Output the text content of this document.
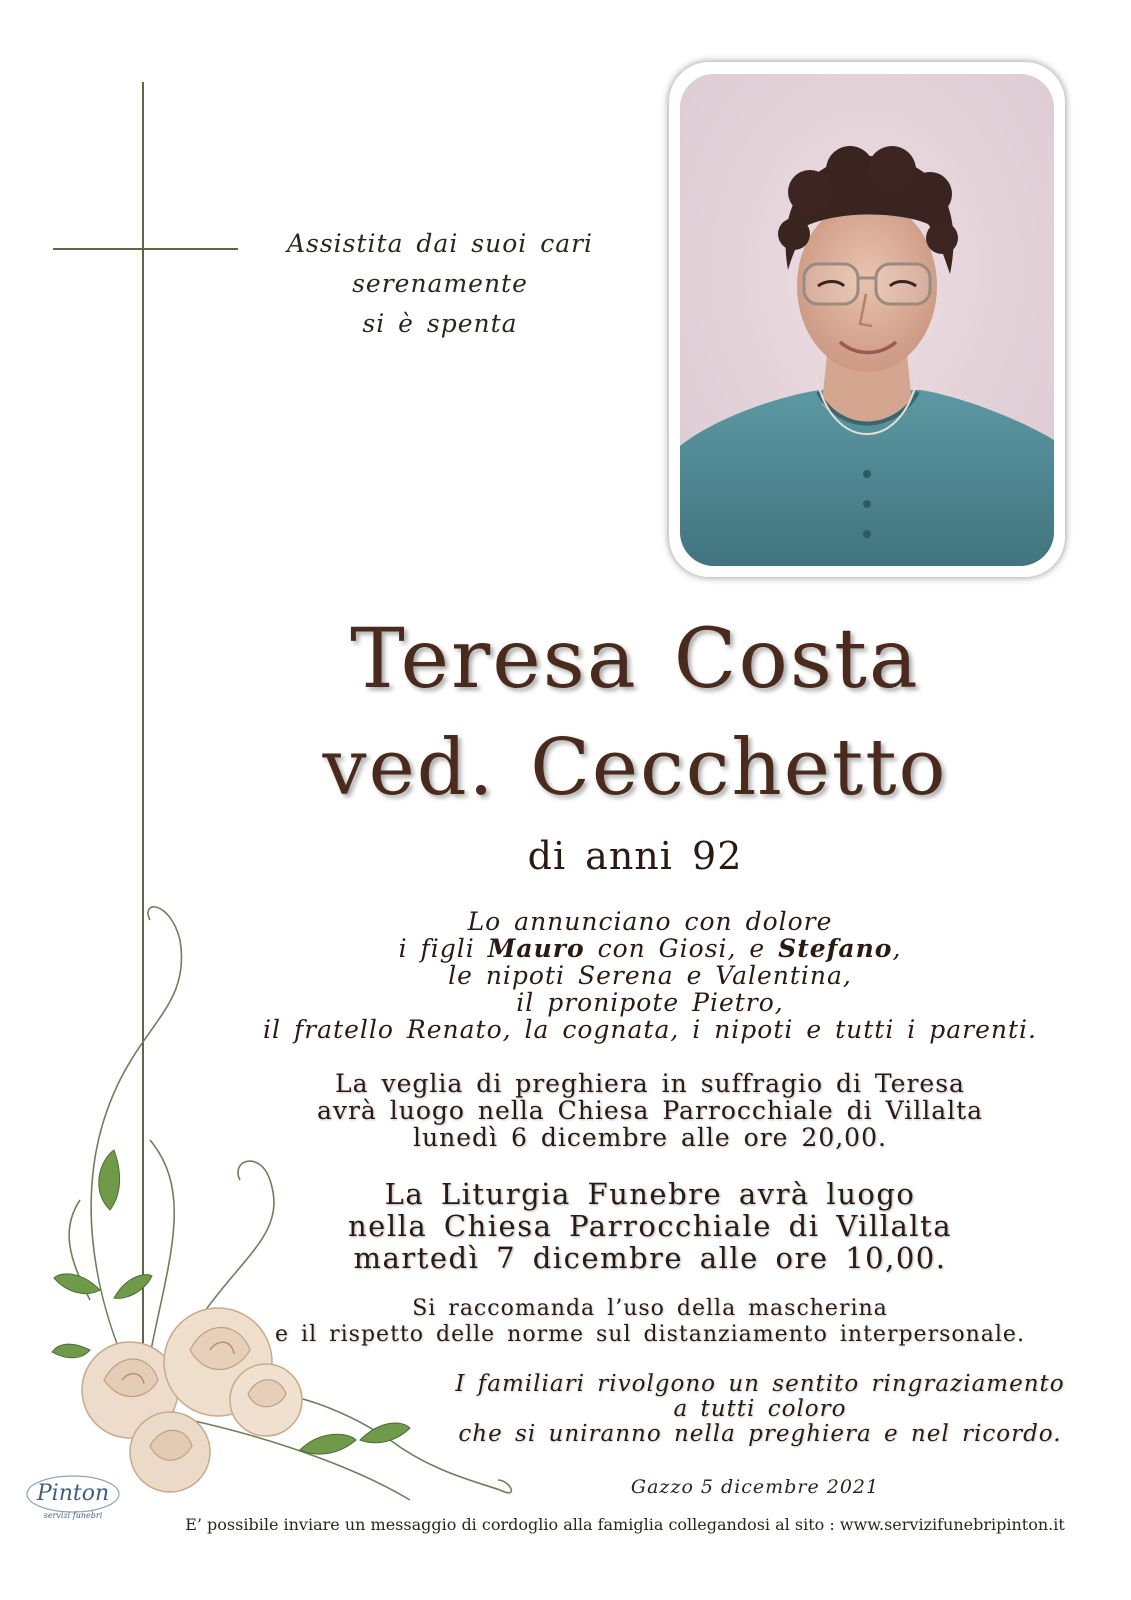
Assistita dai suoi cari
serenamente
si è spenta
Teresa Costa
ved. Cecchetto
di anni 92
Lo annunciano con dolore
i figli Mauro con Giosi, e Stefano,
le nipoti Serena e Valentina,
il pronipote Pietro,
il fratello Renato, la cognata, i nipoti e tutti i parenti.
La veglia di preghiera in suffragio di Teresa
avrà luogo nella Chiesa Parrocchiale di Villalta
lunedì 6 dicembre alle ore 20,00.
La Liturgia Funebre avrà luogo
nella Chiesa Parrocchiale di Villalta
martedì 7 dicembre alle ore 10,00.
Si raccomanda l’uso della mascherina
e il rispetto delle norme sul distanziamento interpersonale.
I familiari rivolgono un sentito ringraziamento
a tutti coloro
che si uniranno nella preghiera e nel ricordo.
Gazzo 5 dicembre 2021
Pinton
servizi funebri	E’ possibile inviare un messaggio di cordoglio alla famiglia collegandosi al sito : www.servizifunebripinton.it
